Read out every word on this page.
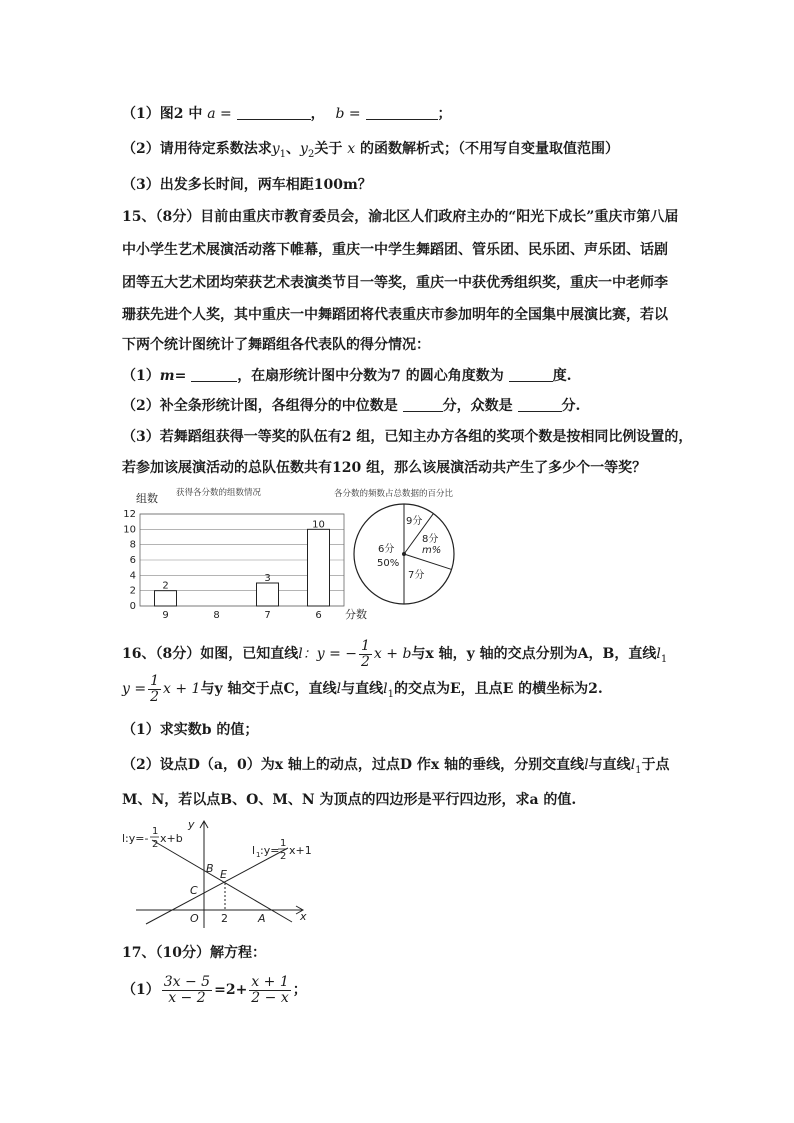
（1）图2 中 a =	， b =	；
（2）请用待定系数法求$y_1$、$y_2$关于 x 的函数解析式；（不用写自变量取值范围）
（3）出发多长时间，两车相距100m？
15、（8分）目前由重庆市教育委员会，渝北区人们政府主办的“阳光下成长”重庆市第八届
中小学生艺术展演活动落下帷幕，重庆一中学生舞蹈团、管乐团、民乐团、声乐团、话剧
团等五大艺术团均荣获艺术表演类节目一等奖，重庆一中获优秀组织奖，重庆一中老师李
珊获先进个人奖，其中重庆一中舞蹈团将代表重庆市参加明年的全国集中展演比赛，若以
下两个统计图统计了舞蹈组各代表队的得分情况：
（1）m=	，在扇形统计图中分数为7 的圆心角度数为	度.
（2）补全条形统计图，各组得分的中位数是	分，众数是	分.
（3）若舞蹈组获得一等奖的队伍有2 组，已知主办方各组的奖项个数是按相同比例设置的，
若参加该展演活动的总队伍数共有120 组，那么该展演活动共产生了多少个一等奖？
获得各分数的组数情况
组数
分数
0
2
4
6
8
10
12
2
3
10
9	8	7	6
各分数的频数占总数据的百分比
6分
50%
7分
8分
m%
9分
16、（8分）如图，已知直线l：y = − $\frac{1}{2}$ x + b与x 轴，y 轴的交点分别为A，B，直线$l_1$
$y = \frac{1}{2}$ x + 1与y 轴交于点C，直线l与直线$l_1$的交点为E，且点E 的横坐标为2.
（1）求实数b 的值；
（2）设点D（a，0）为x 轴上的动点，过点D 作x 轴的垂线，分别交直线l与直线$l_1$于点
M、N，若以点B、O、M、N 为顶点的四边形是平行四边形，求a 的值.
l:y=-
1
2 x+b
l 1 :y=
1
2 x+1
y
x
B E
C
O 2	A
17、（10分）解方程：
$(1) \frac{3x - 5}{x - 2} =2+ \frac{x + 1}{2 - x}$ ；
